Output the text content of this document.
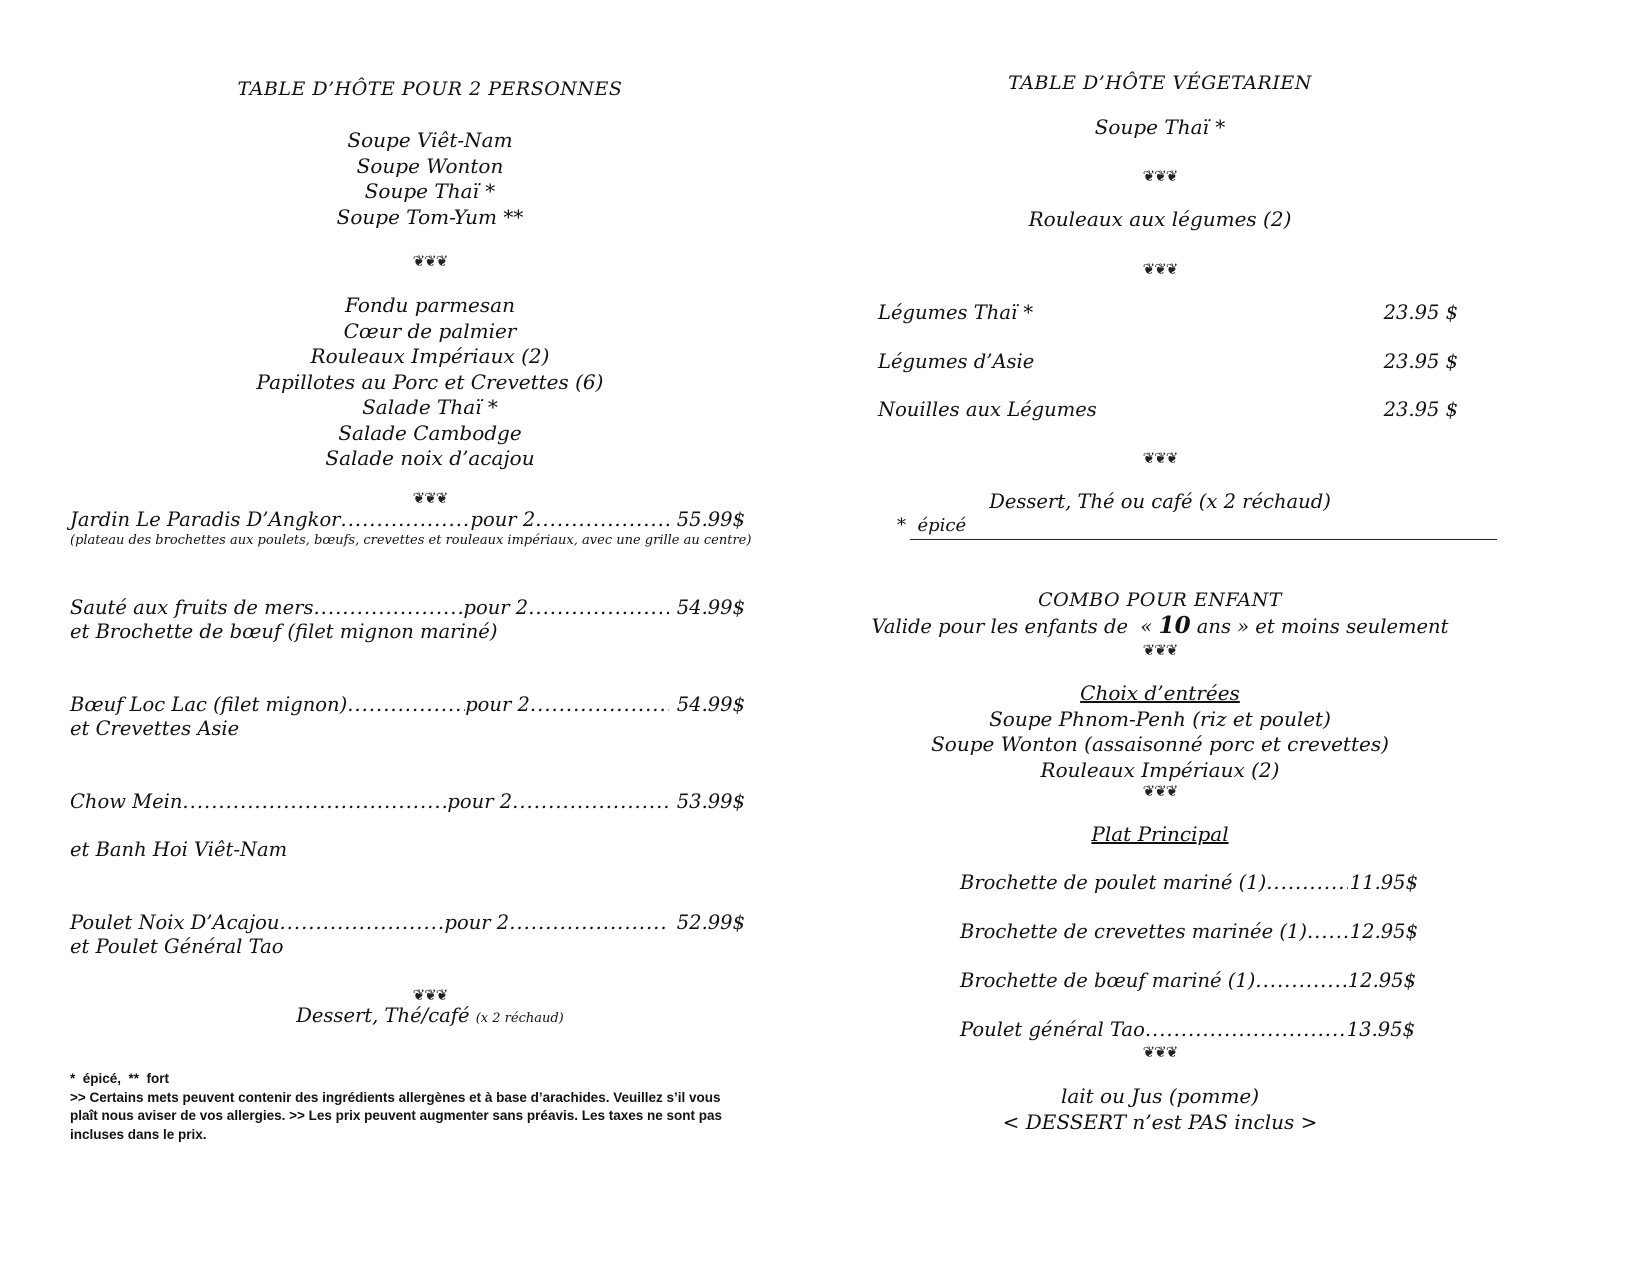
TABLE D’HÔTE POUR 2 PERSONNES
Soupe Viêt-Nam
Soupe Wonton
Soupe Thaï *
Soupe Tom-Yum **
❦❦❦
Fondu parmesan
Cœur de palmier
Rouleaux Impériaux (2)
Papillotes au Porc et Crevettes (6)
Salade Thaï *
Salade Cambodge
Salade noix d’acajou
❦❦❦
Jardin Le Paradis D’Angkor .....	pour 2 .....	55.99$
(plateau des brochettes aux poulets, bœufs, crevettes et rouleaux impériaux, avec une grille au centre)
Sauté aux fruits de mers .....	pour 2 .....	54.99$
et Brochette de bœuf (filet mignon mariné)
Bœuf Loc Lac (filet mignon) .....	pour 2 .....	54.99$
et Crevettes Asie
Chow Mein .....	pour 2 .....	53.99$
et Banh Hoi Viêt-Nam
Poulet Noix D’Acajou .....	pour 2 .....	52.99$
et Poulet Général Tao
❦❦❦
Dessert, Thé/café (x 2 réchaud)
*  épicé,  **  fort
>> Certains mets peuvent contenir des ingrédients allergènes et à base d’arachides. Veuillez s’il vous plaît nous aviser de vos allergies. >> Les prix peuvent augmenter sans préavis. Les taxes ne sont pas incluses dans le prix.
TABLE D’HÔTE VÉGETARIEN
Soupe Thaï *
❦❦❦
Rouleaux aux légumes (2)
❦❦❦
Légumes Thaï *	23.95 $
Légumes d’Asie	23.95 $
Nouilles aux Légumes	23.95 $
❦❦❦
Dessert, Thé ou café (x 2 réchaud)
*  épicé
COMBO POUR ENFANT
Valide pour les enfants de  « 10 ans » et moins seulement
❦❦❦
Choix d’entrées
Soupe Phnom-Penh (riz et poulet)
Soupe Wonton (assaisonné porc et crevettes)
Rouleaux Impériaux (2)
❦❦❦
Plat Principal
Brochette de poulet mariné (1) .....	11.95$
Brochette de crevettes marinée (1) ..... 12.95$
Brochette de bœuf mariné (1) .....	12.95$
Poulet général Tao .....	13.95$
❦❦❦
lait ou Jus (pomme)
< DESSERT n’est PAS inclus >
